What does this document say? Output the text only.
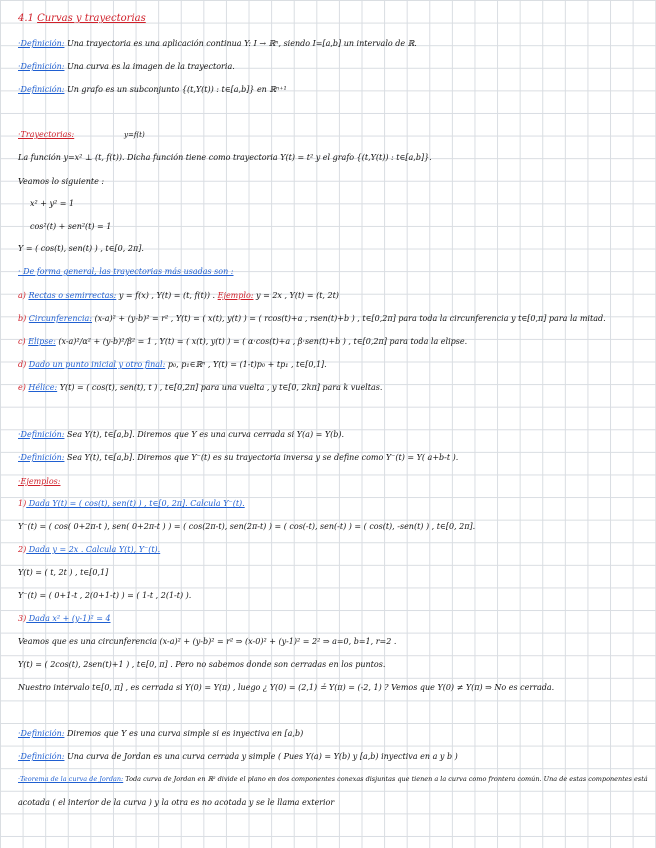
4.1 Curvas y trayectorias
·Definición: Una trayectoria es una aplicación continua Y: I → ℝⁿ, siendo I=[a,b] un intervalo de ℝ.
·Definición: Una curva es la imagen de la trayectoria.
·Definición: Un grafo es un subconjunto {(t,Y(t)) : t∈[a,b]} en ℝⁿ⁺¹
·Trayectorias:	y=f(t)
La función y=x² ⊥ (t, f(t)). Dicha función tiene como trayectoria Y(t) = t² y el grafo {(t,Y(t)) : t∈[a,b]}.
Veamos lo siguiente :
x² + y² = 1
cos²(t) + sen²(t) = 1
Y = ( cos(t), sen(t) ) , t∈[0, 2π].
· De forma general, las trayectorias más usadas son :
a) Rectas o semirrectas: y = f(x) , Y(t) = (t, f(t)) . Ejemplo: y = 2x , Y(t) = (t, 2t)
b) Circunferencia: (x-a)² + (y-b)² = r² , Y(t) = ( x(t), y(t) ) = ( rcos(t)+a , rsen(t)+b ) , t∈[0,2π] para toda la circunferencia y t∈[0,π] para la mitad.
c) Elipse: (x-a)²/α² + (y-b)²/β² = 1 , Y(t) = ( x(t), y(t) ) = ( α·cos(t)+a , β·sen(t)+b ) , t∈[0,2π] para toda la elipse.
d) Dado un punto inicial y otro final: p₀, p₁∈ℝⁿ , Y(t) = (1-t)p₀ + tp₁ , t∈[0,1].
e) Hélice: Y(t) = ( cos(t), sen(t), t ) , t∈[0,2π] para una vuelta , y t∈[0, 2kπ] para k vueltas.
·Definición: Sea Y(t), t∈[a,b]. Diremos que Y es una curva cerrada si Y(a) = Y(b).
·Definición: Sea Y(t), t∈[a,b]. Diremos que Y⁻(t) es su trayectoria inversa y se define como Y⁻(t) = Y( a+b-t ).
·Ejemplos:
1) Dada Y(t) = ( cos(t), sen(t) ) , t∈[0, 2π]. Calcula Y⁻(t).
Y⁻(t) = ( cos( 0+2π-t ), sen( 0+2π-t ) ) = ( cos(2π-t), sen(2π-t) ) = ( cos(-t), sen(-t) ) = ( cos(t), -sen(t) ) , t∈[0, 2π].
2) Dada y = 2x . Calcula Y(t), Y⁻(t).
Y(t) = ( t, 2t ) , t∈[0,1]
Y⁻(t) = ( 0+1-t , 2(0+1-t) ) = ( 1-t , 2(1-t) ).
3) Dada x² + (y-1)² = 4
Veamos que es una circunferencia (x-a)² + (y-b)² = r² ⇒ (x-0)² + (y-1)² = 2² ⇒ a=0, b=1, r=2 .
Y(t) = ( 2cos(t), 2sen(t)+1 ) , t∈[0, π] . Pero no sabemos donde son cerradas en los puntos.
Nuestro intervalo t∈[0, π] , es cerrada si Y(0) = Y(π) , luego ¿ Y(0) = (2,1) ≟ Y(π) = (-2, 1) ? Vemos que Y(0) ≠ Y(π) ⇒ No es cerrada.
·Definición: Diremos que Y es una curva simple si es inyectiva en [a,b)
·Definición: Una curva de Jordan es una curva cerrada y simple ( Pues Y(a) = Y(b) y [a,b) inyectiva en a y b )
·Teorema de la curva de Jordan: Toda curva de Jordan en ℝ² divide el plano en dos componentes conexas disjuntas que tienen a la curva como frontera común. Una de estas componentes está
acotada ( el interior de la curva ) y la otra es no acotada y se le llama exterior
